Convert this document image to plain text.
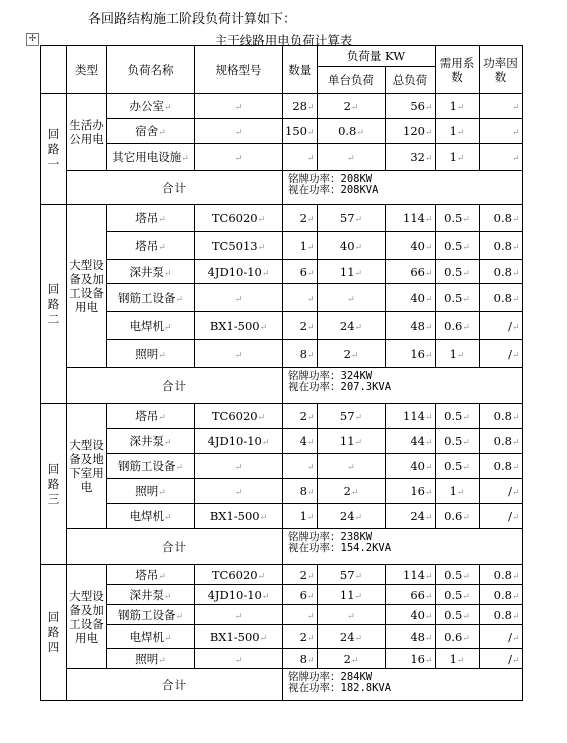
各回路结构施工阶段负荷计算如下：
✢	主干线路用电负荷计算表
	类型	负荷名称	规格型号	数量	负荷量 KW		需用系数	功率因数
					单台负荷	总负荷		
回
路
一	生活办公用电	办公室↵	↵	28↵	2↵	56↵	1↵	↵
		宿舍↵	↵	150↵	0.8↵	120↵	1↵	↵
		其它用电设施↵	↵	↵	↵	32↵	1↵	↵
	合计			铭牌功率：208KW
视在功率：208KVA				

回
路
二	大型设备及加工设备用电	塔吊↵	TC6020↵	2↵	57↵	114↵	0.5↵	0.8↵
		塔吊↵	TC5013↵	1↵	40↵	40↵	0.5↵	0.8↵
		深井泵↵	4JD10-10↵	6↵	11↵	66↵	0.5↵	0.8↵
		钢筋工设备↵	↵	↵	↵	40↵	0.5↵	0.8↵
		电焊机↵	BX1-500↵	2↵	24↵	48↵	0.6↵	/↵
		照明↵	↵	8↵	2↵	16↵	1↵	/↵
	合计			铭牌功率：324KW
视在功率：207.3KVA				

回
路
三	大型设备及地下室用电	塔吊↵	TC6020↵	2↵	57↵	114↵	0.5↵	0.8↵
		深井泵↵	4JD10-10↵	4↵	11↵	44↵	0.5↵	0.8↵
		钢筋工设备↵	↵	↵	↵	40↵	0.5↵	0.8↵
		照明↵	↵	8↵	2↵	16↵	1↵	/↵
		电焊机↵	BX1-500↵	1↵	24↵	24↵	0.6↵	/↵
	合计			铭牌功率：238KW
视在功率：154.2KVA				

回
路
四	大型设备及加工设备用电	塔吊↵	TC6020↵	2↵	57↵	114↵	0.5↵	0.8↵
		深井泵↵	4JD10-10↵	6↵	11↵	66↵	0.5↵	0.8↵
		钢筋工设备↵	↵	↵	↵	40↵	0.5↵	0.8↵
		电焊机↵	BX1-500↵	2↵	24↵	48↵	0.6↵	/↵
		照明↵	↵	8↵	2↵	16↵	1↵	/↵
	合计			铭牌功率：284KW
视在功率：182.8KVA				
